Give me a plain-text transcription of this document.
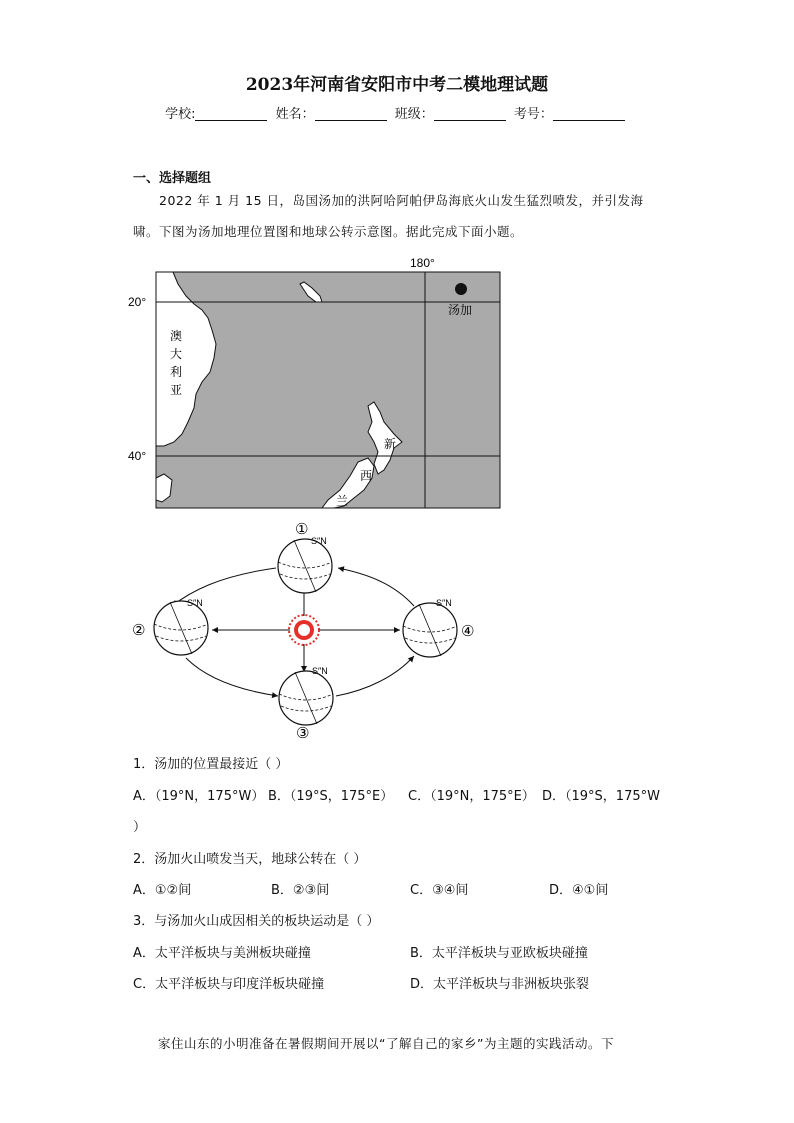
2023年河南省安阳市中考二模地理试题
学校:	姓名：	班级：	考号：
一、选择题组
2022 年 1 月 15 日，岛国汤加的洪阿哈阿帕伊岛海底火山发生猛烈喷发，并引发海
啸。下图为汤加地理位置图和地球公转示意图。据此完成下面小题。
180°
20°
40°
汤加
澳
大
利
亚
新
西
兰
S″N
S″N
S″N
S″N
①
②
③
④
1．汤加的位置最接近（ ）
A．（19°N，175°W） B．（19°S，175°E） C．（19°N，175°E） D．（19°S，175°W
）
2．汤加火山喷发当天，地球公转在（ ）
A．①②间	B．②③间	C．③④间	D．④①间
3．与汤加火山成因相关的板块运动是（ ）
A．太平洋板块与美洲板块碰撞	B．太平洋板块与亚欧板块碰撞
C．太平洋板块与印度洋板块碰撞	D．太平洋板块与非洲板块张裂
家住山东的小明准备在暑假期间开展以“了解自己的家乡”为主题的实践活动。下
